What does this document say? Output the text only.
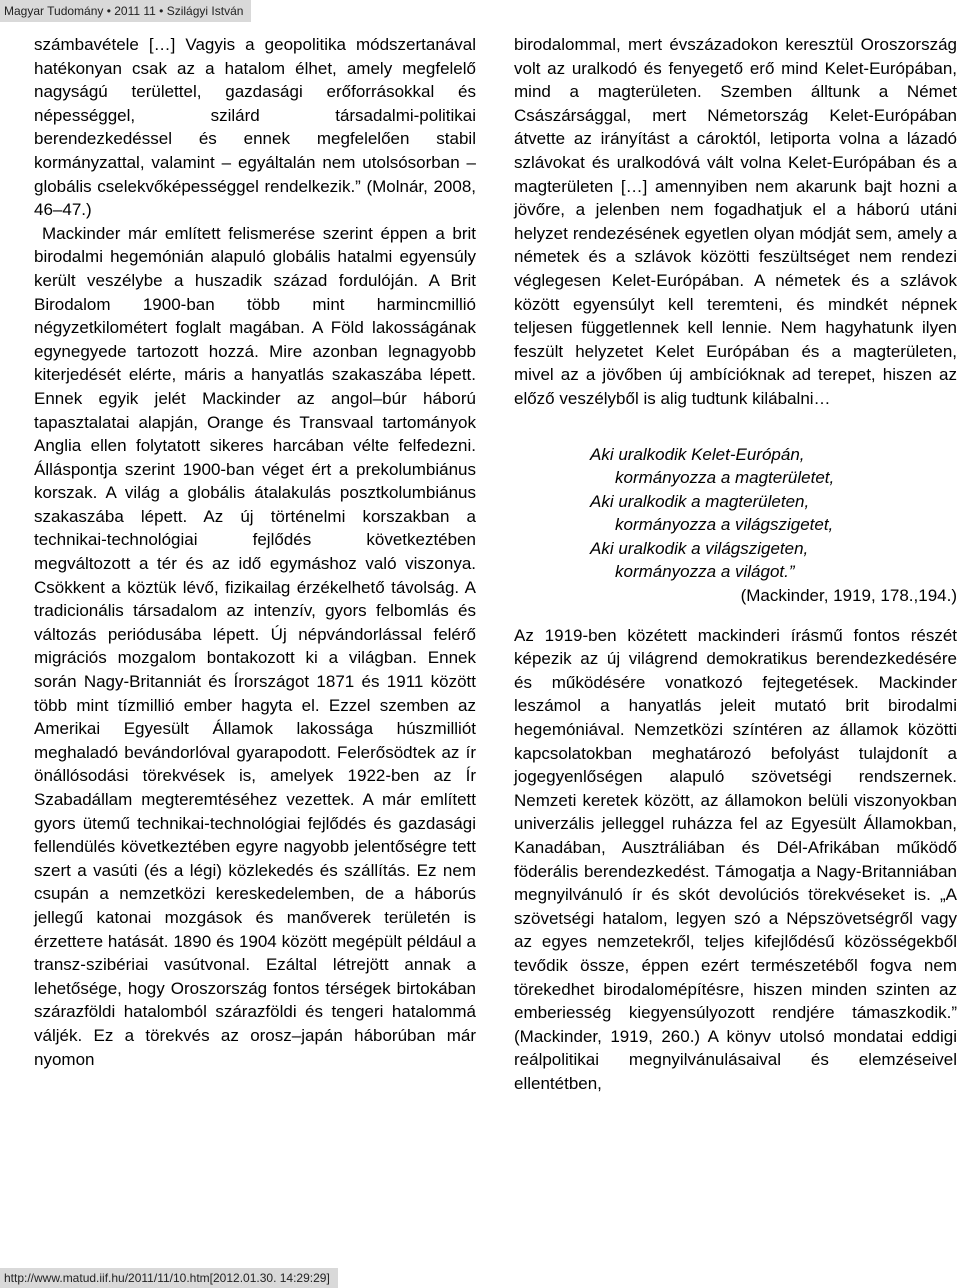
Magyar Tudomány • 2011 11 • Szilágyi István

számbavétele […] Vagyis a geopolitika módszertanával hatékonyan csak az a hatalom élhet, amely megfelelő nagyságú területtel, gazdasági erőforrásokkal és népességgel, szilárd társadalmi-politikai berendezkedéssel és ennek megfelelően stabil kormányzattal, valamint – egyáltalán nem utolsósorban – globális cselekvőképességgel rendelkezik.” (Molnár, 2008, 46–47.)

Mackinder már említett felismerése szerint éppen a brit birodalmi hegemónián alapuló globális hatalmi egyensúly került veszélybe a huszadik század fordulóján. A Brit Birodalom 1900-ban több mint harmincmillió négyzetkilométert foglalt magában. A Föld lakosságának egynegyede tartozott hozzá. Mire azonban legnagyobb kiterjedését elérte, máris a hanyatlás szakaszába lépett. Ennek egyik jelét Mackinder az angol–búr háború tapasztalatai alapján, Orange és Transvaal tartományok Anglia ellen folytatott sikeres harcában vélte felfedezni. Álláspontja szerint 1900-ban véget ért a prekolumbiánus korszak. A világ a globális átalakulás posztkolumbiánus szakaszába lépett. Az új történelmi korszakban a technikai-technológiai fejlődés következtében megváltozott a tér és az idő egymáshoz való viszonya. Csökkent a köztük lévő, fizikailag érzékelhető távolság. A tradicionális társadalom az intenzív, gyors felbomlás és változás periódusába lépett. Új népvándorlással felérő migrációs mozgalom bontakozott ki a világban. Ennek során Nagy-Britanniát és Írországot 1871 és 1911 között több mint tízmillió ember hagyta el. Ezzel szemben az Amerikai Egyesült Államok lakossága húszmilliót meghaladó bevándorlóval gyarapodott. Felerősödtek az ír önállósodási törekvések is, amelyek 1922-ben az Ír Szabadállam megteremtéséhez vezettek. A már említett gyors ütemű technikai-technológiai fejlődés és gazdasági fellendülés következtében egyre nagyobb jelentőségre tett szert a vasúti (és a légi) közlekedés és szállítás. Ez nem csupán a nemzetközi kereskedelemben, de a háborús jellegű katonai mozgások és manőverek területén is érzetteте hatását. 1890 és 1904 között megépült például a transz-szibériai vasútvonal. Ezáltal létrejött annak a lehetősége, hogy Oroszország fontos térségek birtokában szárazföldi hatalomból szárazföldi és tengeri hatalommá váljék. Ez a törekvés az orosz–japán háborúban már nyomon

birodalommal, mert évszázadokon keresztül Oroszország volt az uralkodó és fenyegető erő mind Kelet-Európában, mind a magterületen. Szemben álltunk a Német Császársággal, mert Németország Kelet-Európában átvette az irányítást a cároktól, letiporta volna a lázadó szlávokat és uralkodóvá vált volna Kelet-Európában és a magterületen […] amennyiben nem akarunk bajt hozni a jövőre, a jelenben nem fogadhatjuk el a háború utáni helyzet rendezésének egyetlen olyan módját sem, amely a németek és a szlávok közötti feszültséget nem rendezi véglegesen Kelet-Európában. A németek és a szlávok között egyensúlyt kell teremteni, és mindkét népnek teljesen függetlennek kell lennie. Nem hagyhatunk ilyen feszült helyzetet Kelet Európában és a magterületen, mivel az a jövőben új ambícióknak ad terepet, hiszen az előző veszélyből is alig tudtunk kilábalni…

Aki uralkodik Kelet-Európán,
kormányozza a magterületet,
Aki uralkodik a magterületen,
kormányozza a világszigetet,
Aki uralkodik a világszigeten,
kormányozza a világot.”
(Mackinder, 1919, 178.,194.)

Az 1919-ben közétett mackinderi írásmű fontos részét képezik az új világrend demokratikus berendezkedésére és működésére vonatkozó fejtegetések. Mackinder leszámol a hanyatlás jeleit mutató brit birodalmi hegemóniával. Nemzetközi színtéren az államok közötti kapcsolatokban meghatározó befolyást tulajdonít a jogegyenlőségen alapuló szövetségi rendszernek. Nemzeti keretek között, az államokon belüli viszonyokban univerzális jelleggel ruházza fel az Egyesült Államokban, Kanadában, Ausztráliában és Dél-Afrikában működő föderális berendezkedést. Támogatja a Nagy-Britanniában megnyilvánuló ír és skót devolúciós törekvéseket is. „A szövetségi hatalom, legyen szó a Népszövetségről vagy az egyes nemzetekről, teljes kifejlődésű közösségekből tevődik össze, éppen ezért természetéből fogva nem törekedhet birodalomépítésre, hiszen minden szinten az emberiesség kiegyensúlyozott rendjére támaszkodik.” (Mackinder, 1919, 260.) A könyv utolsó mondatai eddigi reálpolitikai megnyilvánulásaival és elemzéseivel ellentétben,

http://www.matud.iif.hu/2011/11/10.htm[2012.01.30. 14:29:29]
